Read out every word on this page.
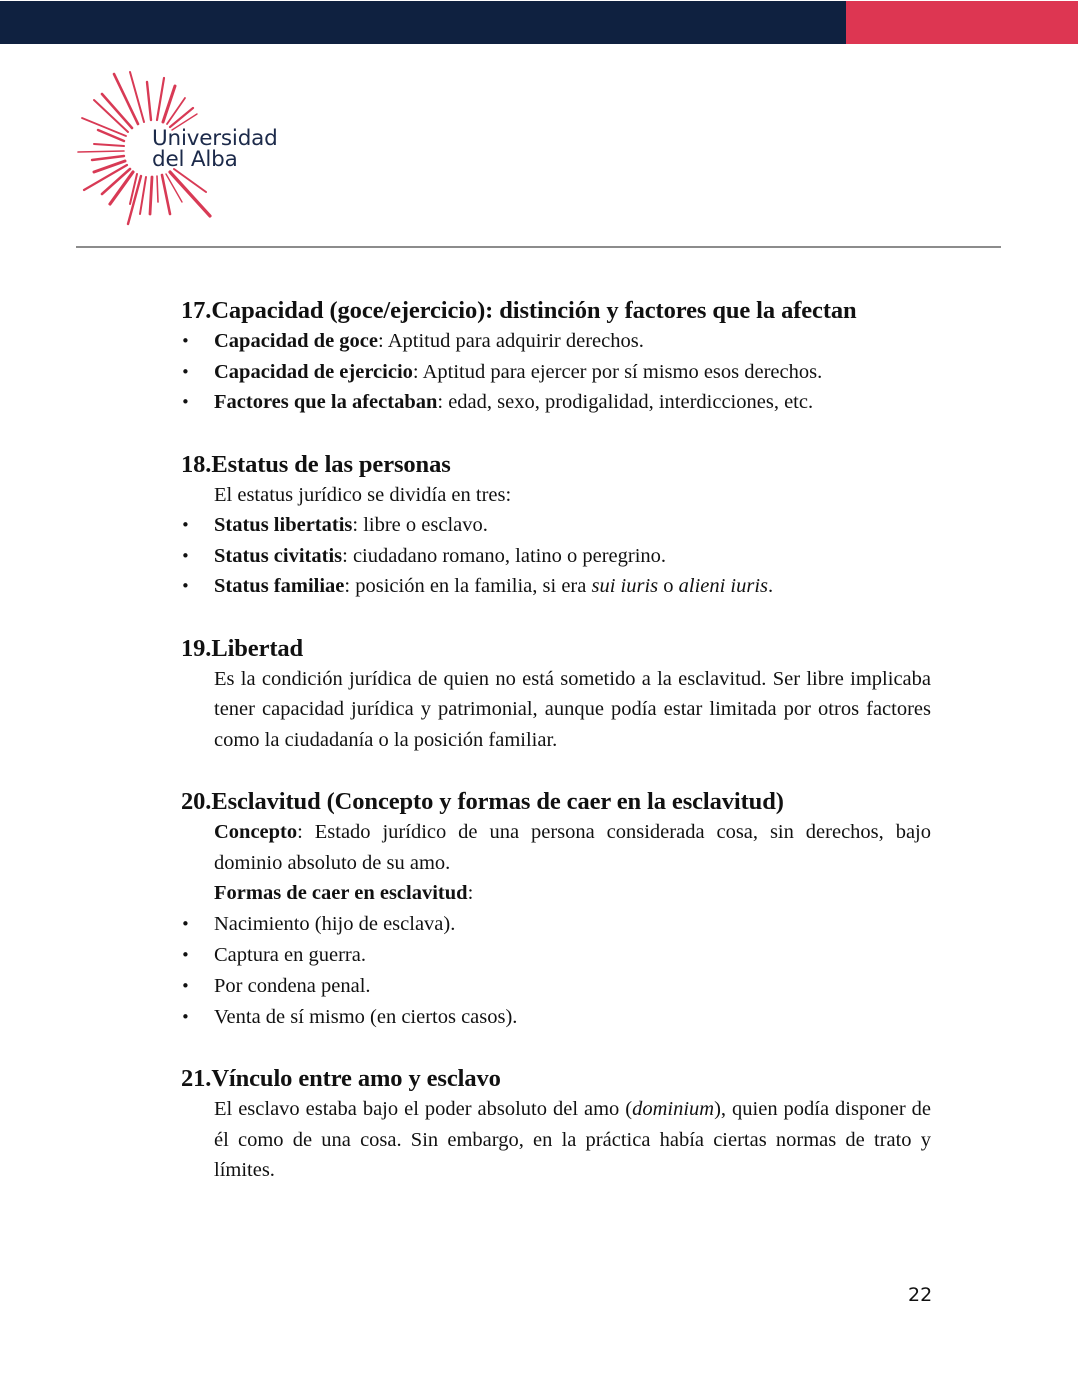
Universidad
del Alba
17.Capacidad (goce/ejercicio): distinción y factores que la afectan
•	Capacidad de goce: Aptitud para adquirir derechos.
•	Capacidad de ejercicio: Aptitud para ejercer por sí mismo esos derechos.
•	Factores que la afectaban: edad, sexo, prodigalidad, interdicciones, etc.
18.Estatus de las personas
El estatus jurídico se dividía en tres:
•	Status libertatis: libre o esclavo.
•	Status civitatis: ciudadano romano, latino o peregrino.
•	Status familiae: posición en la familia, si era sui iuris o alieni iuris.
19.Libertad
Es la condición jurídica de quien no está sometido a la esclavitud. Ser libre implicaba tener capacidad jurídica y patrimonial, aunque podía estar limitada por otros factores como la ciudadanía o la posición familiar.
20.Esclavitud (Concepto y formas de caer en la esclavitud)
Concepto: Estado jurídico de una persona considerada cosa, sin derechos, bajo dominio absoluto de su amo.
Formas de caer en esclavitud:
•	Nacimiento (hijo de esclava).
•	Captura en guerra.
•	Por condena penal.
•	Venta de sí mismo (en ciertos casos).
21.Vínculo entre amo y esclavo
El esclavo estaba bajo el poder absoluto del amo (dominium), quien podía disponer de él como de una cosa. Sin embargo, en la práctica había ciertas normas de trato y límites.
22
